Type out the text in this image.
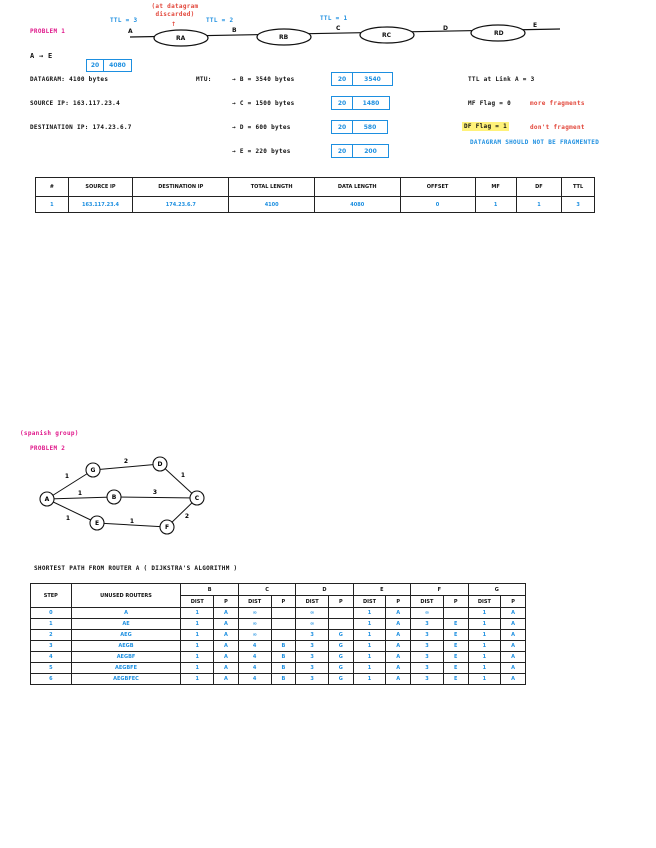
PROBLEM 1
A → E
20	4080
RA	RB	RC	RD
A	B	C	D	E
TTL = 3	TTL = 2	TTL = 1
(at datagram discarded)
↑
DATAGRAM: 4100 bytes
SOURCE IP: 163.117.23.4
DESTINATION IP: 174.23.6.7
MTU:	→ B = 3540 bytes
→ C = 1500 bytes
→ D = 600 bytes
→ E = 220 bytes
20	3540
20	1480
20	580
20	200
TTL at Link A = 3
MF Flag = 0	more fragments
DF Flag = 1	don't fragment
DATAGRAM SHOULD NOT BE FRAGMENTED
#	SOURCE IP	DESTINATION IP	TOTAL LENGTH	DATA LENGTH	OFFSET	MF	DF	TTL
1	163.117.23.4	174.23.6.7	4100	4080	0	1	1	3
(spanish group)
PROBLEM 2
A
G
D
B	C
E
F
1
2
1
1	3
1	1
2
SHORTEST PATH FROM ROUTER A ( DIJKSTRA'S ALGORITHM )
STEP	UNUSED ROUTERS	B		C		D		E		F		G	
		DIST	P	DIST	P	DIST	P	DIST	P	DIST	P	DIST	P
0	A	1	A	∞		∞		1	A	∞		1	A
1	AE	1	A	∞		∞		1	A	3	E	1	A
2	AEG	1	A	∞		3	G	1	A	3	E	1	A
3	AEGB	1	A	4	B	3	G	1	A	3	E	1	A
4	AEGBF	1	A	4	B	3	G	1	A	3	E	1	A
5	AEGBFE	1	A	4	B	3	G	1	A	3	E	1	A
6	AEGBFEC	1	A	4	B	3	G	1	A	3	E	1	A
